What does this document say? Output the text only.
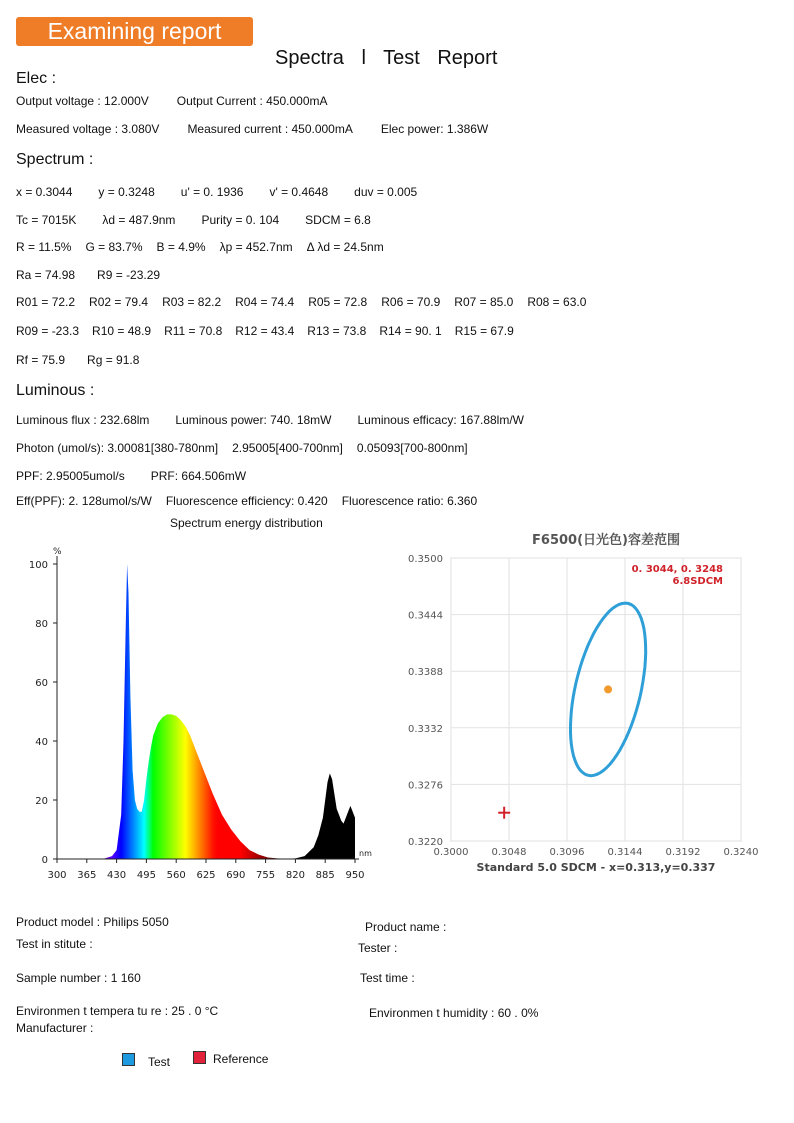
Examining report
Spectra l Test Report
Elec :
Output voltage : 12.000V Output Current : 450.000mA
Measured voltage : 3.080V Measured current : 450.000mA Elec power: 1.386W
Spectrum :
x = 0.3044 y = 0.3248 u' = 0. 1936 v' = 0.4648 duv = 0.005
Tc = 7015K λd = 487.9nm Purity = 0. 104 SDCM = 6.8
R = 11.5% G = 83.7% B = 4.9% λp = 452.7nm Δ λd = 24.5nm
Ra = 74.98 R9 = -23.29
R01 = 72.2 R02 = 79.4 R03 = 82.2 R04 = 74.4 R05 = 72.8 R06 = 70.9 R07 = 85.0 R08 = 63.0
R09 = -23.3 R10 = 48.9 R11 = 70.8 R12 = 43.4 R13 = 73.8 R14 = 90. 1 R15 = 67.9
Rf = 75.9 Rg = 91.8
Luminous :
Luminous flux : 232.68lm Luminous power: 740. 18mW Luminous efficacy: 167.88lm/W
Photon (umol/s): 3.00081[380-780nm] 2.95005[400-700nm] 0.05093[700-800nm]
PPF: 2.95005umol/s PRF: 664.506mW
Eff(PPF): 2. 128umol/s/W Fluorescence efficiency: 0.420 Fluorescence ratio: 6.360
Spectrum energy distribution
0
20
40
60
80
100
300 365 430 495 560 625 690 755 820 885 950
%
nm
F6500(日光色)容差范围
0.3500
0.3444
0.3388
0.3332
0.3276
0.3220
0.3000 0.3048 0.3096 0.3144 0.3192 0.3240
0. 3044, 0. 3248
6.8SDCM
Standard 5.0 SDCM - x=0.313,y=0.337
Product model : Philips 5050	Product name :
Test in stitute :	Tester :
Sample number : 1 160	Test time :
Environmen t tempera tu re : 25 . 0 °C	Environmen t humidity : 60 . 0%
Manufacturer :
Test	Reference
